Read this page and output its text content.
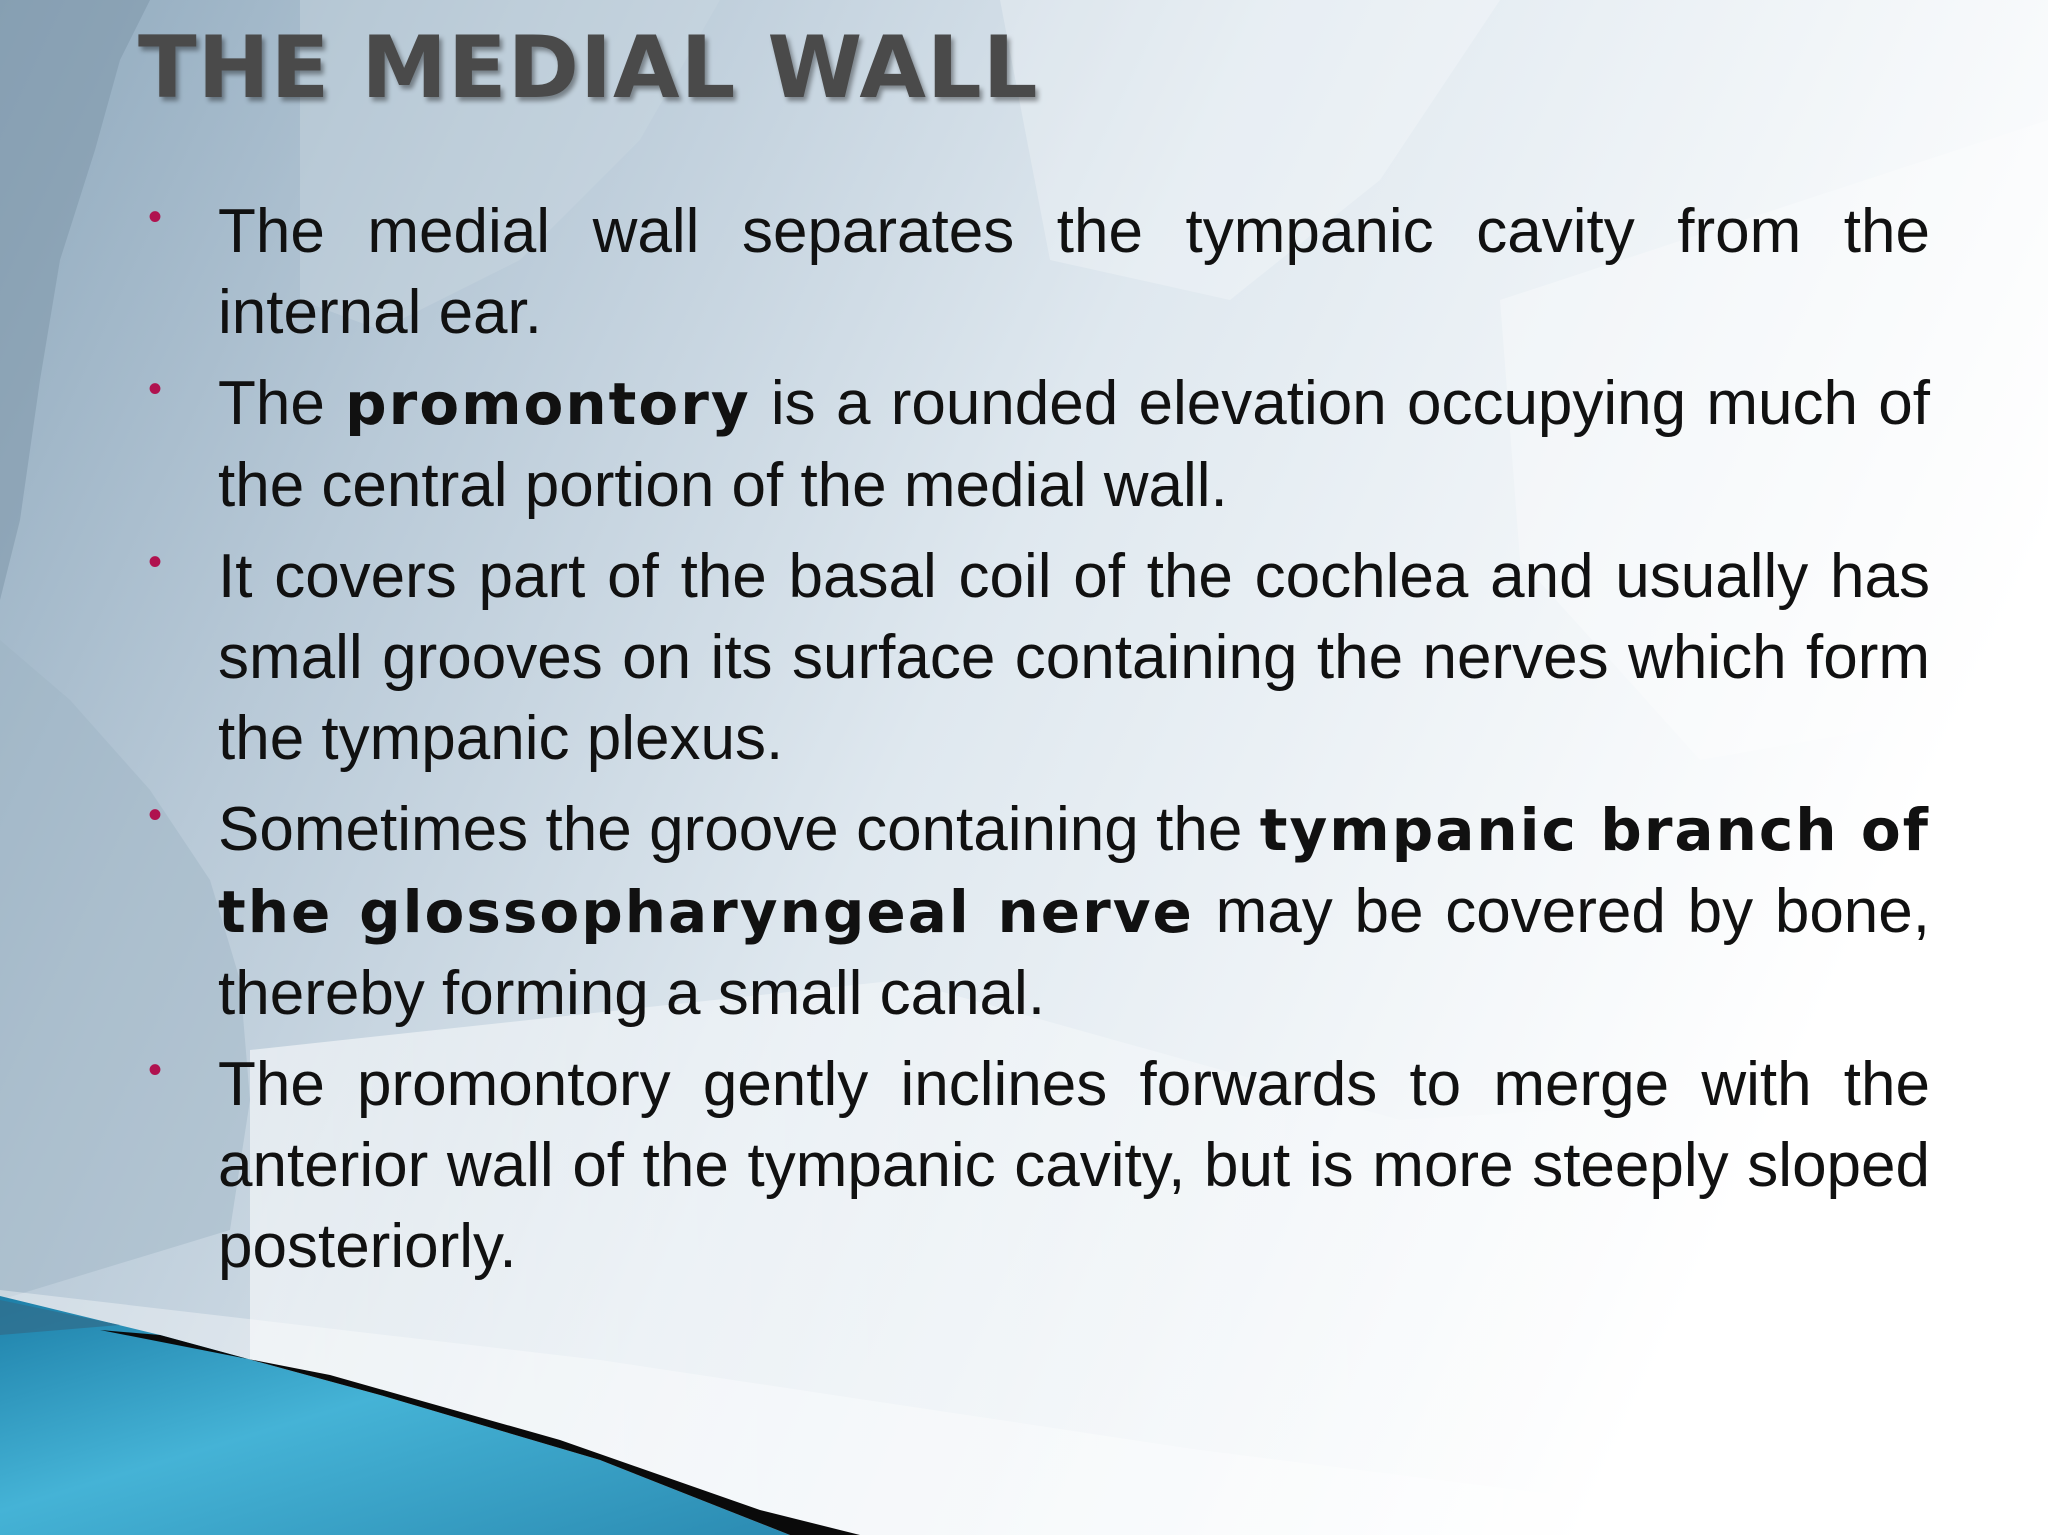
THE MEDIAL WALL
• The medial wall separates the tympanic cavity from the internal ear.
• The promontory is a rounded elevation occupying much of the central portion of the medial wall.
• It covers part of the basal coil of the cochlea and usually has small grooves on its surface containing the nerves which form the tympanic plexus.
• Sometimes the groove containing the tympanic branch of the glossopharyngeal nerve may be covered by bone, thereby forming a small canal.
• The promontory gently inclines forwards to merge with the anterior wall of the tympanic cavity, but is more steeply sloped posteriorly.
